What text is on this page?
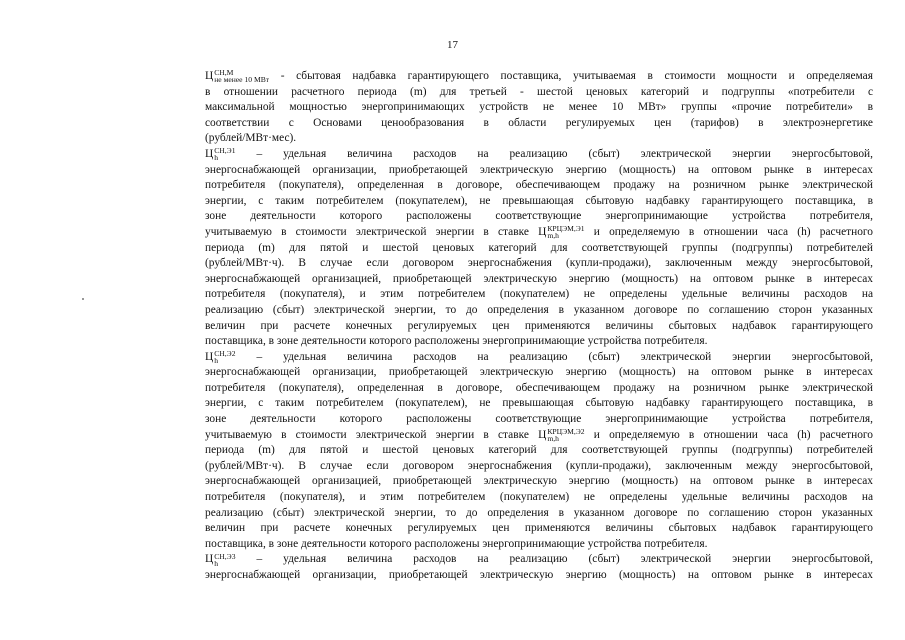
17
Ц СН,М
не менее 10 МВт - сбытовая надбавка гарантирующего поставщика, учитываемая в стоимости мощности и определяемая
в отношении расчетного периода (m) для третьей - шестой ценовых категорий и подгруппы «потребители с
максимальной мощностью энергопринимающих устройств не менее 10 МВт» группы «прочие потребители» в
соответствии с Основами ценообразования в области регулируемых цен (тарифов) в электроэнергетике
(рублей/МВт·мес).
Ц СН,Э1
h	– удельная величина расходов на реализацию (сбыт) электрической энергии энергосбытовой,
энергоснабжающей организации, приобретающей электрическую энергию (мощность) на оптовом рынке в интересах
потребителя (покупателя), определенная в договоре, обеспечивающем продажу на розничном рынке электрической
энергии, с таким потребителем (покупателем), не превышающая сбытовую надбавку гарантирующего поставщика, в
зоне деятельности которого расположены соответствующие энергопринимающие устройства потребителя,
учитываемую в стоимости электрической энергии в ставке Ц КРЦЭМ,Э1
m,h	и определяемую в отношении часа (h) расчетного
периода (m) для пятой и шестой ценовых категорий для соответствующей группы (подгруппы) потребителей
(рублей/МВт·ч). В случае если договором энергоснабжения (купли-продажи), заключенным между энергосбытовой,
энергоснабжающей организацией, приобретающей электрическую энергию (мощность) на оптовом рынке в интересах
потребителя (покупателя), и этим потребителем (покупателем) не определены удельные величины расходов на
реализацию (сбыт) электрической энергии, то до определения в указанном договоре по соглашению сторон указанных
величин при расчете конечных регулируемых цен применяются величины сбытовых надбавок гарантирующего
поставщика, в зоне деятельности которого расположены энергопринимающие устройства потребителя.
Ц СН,Э2
h	– удельная величина расходов на реализацию (сбыт) электрической энергии энергосбытовой,
энергоснабжающей организации, приобретающей электрическую энергию (мощность) на оптовом рынке в интересах
потребителя (покупателя), определенная в договоре, обеспечивающем продажу на розничном рынке электрической
энергии, с таким потребителем (покупателем), не превышающая сбытовую надбавку гарантирующего поставщика, в
зоне деятельности которого расположены соответствующие энергопринимающие устройства потребителя,
учитываемую в стоимости электрической энергии в ставке Ц КРЦЭМ,Э2
m,h	и определяемую в отношении часа (h) расчетного
периода (m) для пятой и шестой ценовых категорий для соответствующей группы (подгруппы) потребителей
(рублей/МВт·ч). В случае если договором энергоснабжения (купли-продажи), заключенным между энергосбытовой,
энергоснабжающей организацией, приобретающей электрическую энергию (мощность) на оптовом рынке в интересах
потребителя (покупателя), и этим потребителем (покупателем) не определены удельные величины расходов на
реализацию (сбыт) электрической энергии, то до определения в указанном договоре по соглашению сторон указанных
величин при расчете конечных регулируемых цен применяются величины сбытовых надбавок гарантирующего
поставщика, в зоне деятельности которого расположены энергопринимающие устройства потребителя.
Ц СН,Э3
h	– удельная величина расходов на реализацию (сбыт) электрической энергии энергосбытовой,
энергоснабжающей организации, приобретающей электрическую энергию (мощность) на оптовом рынке в интересах
